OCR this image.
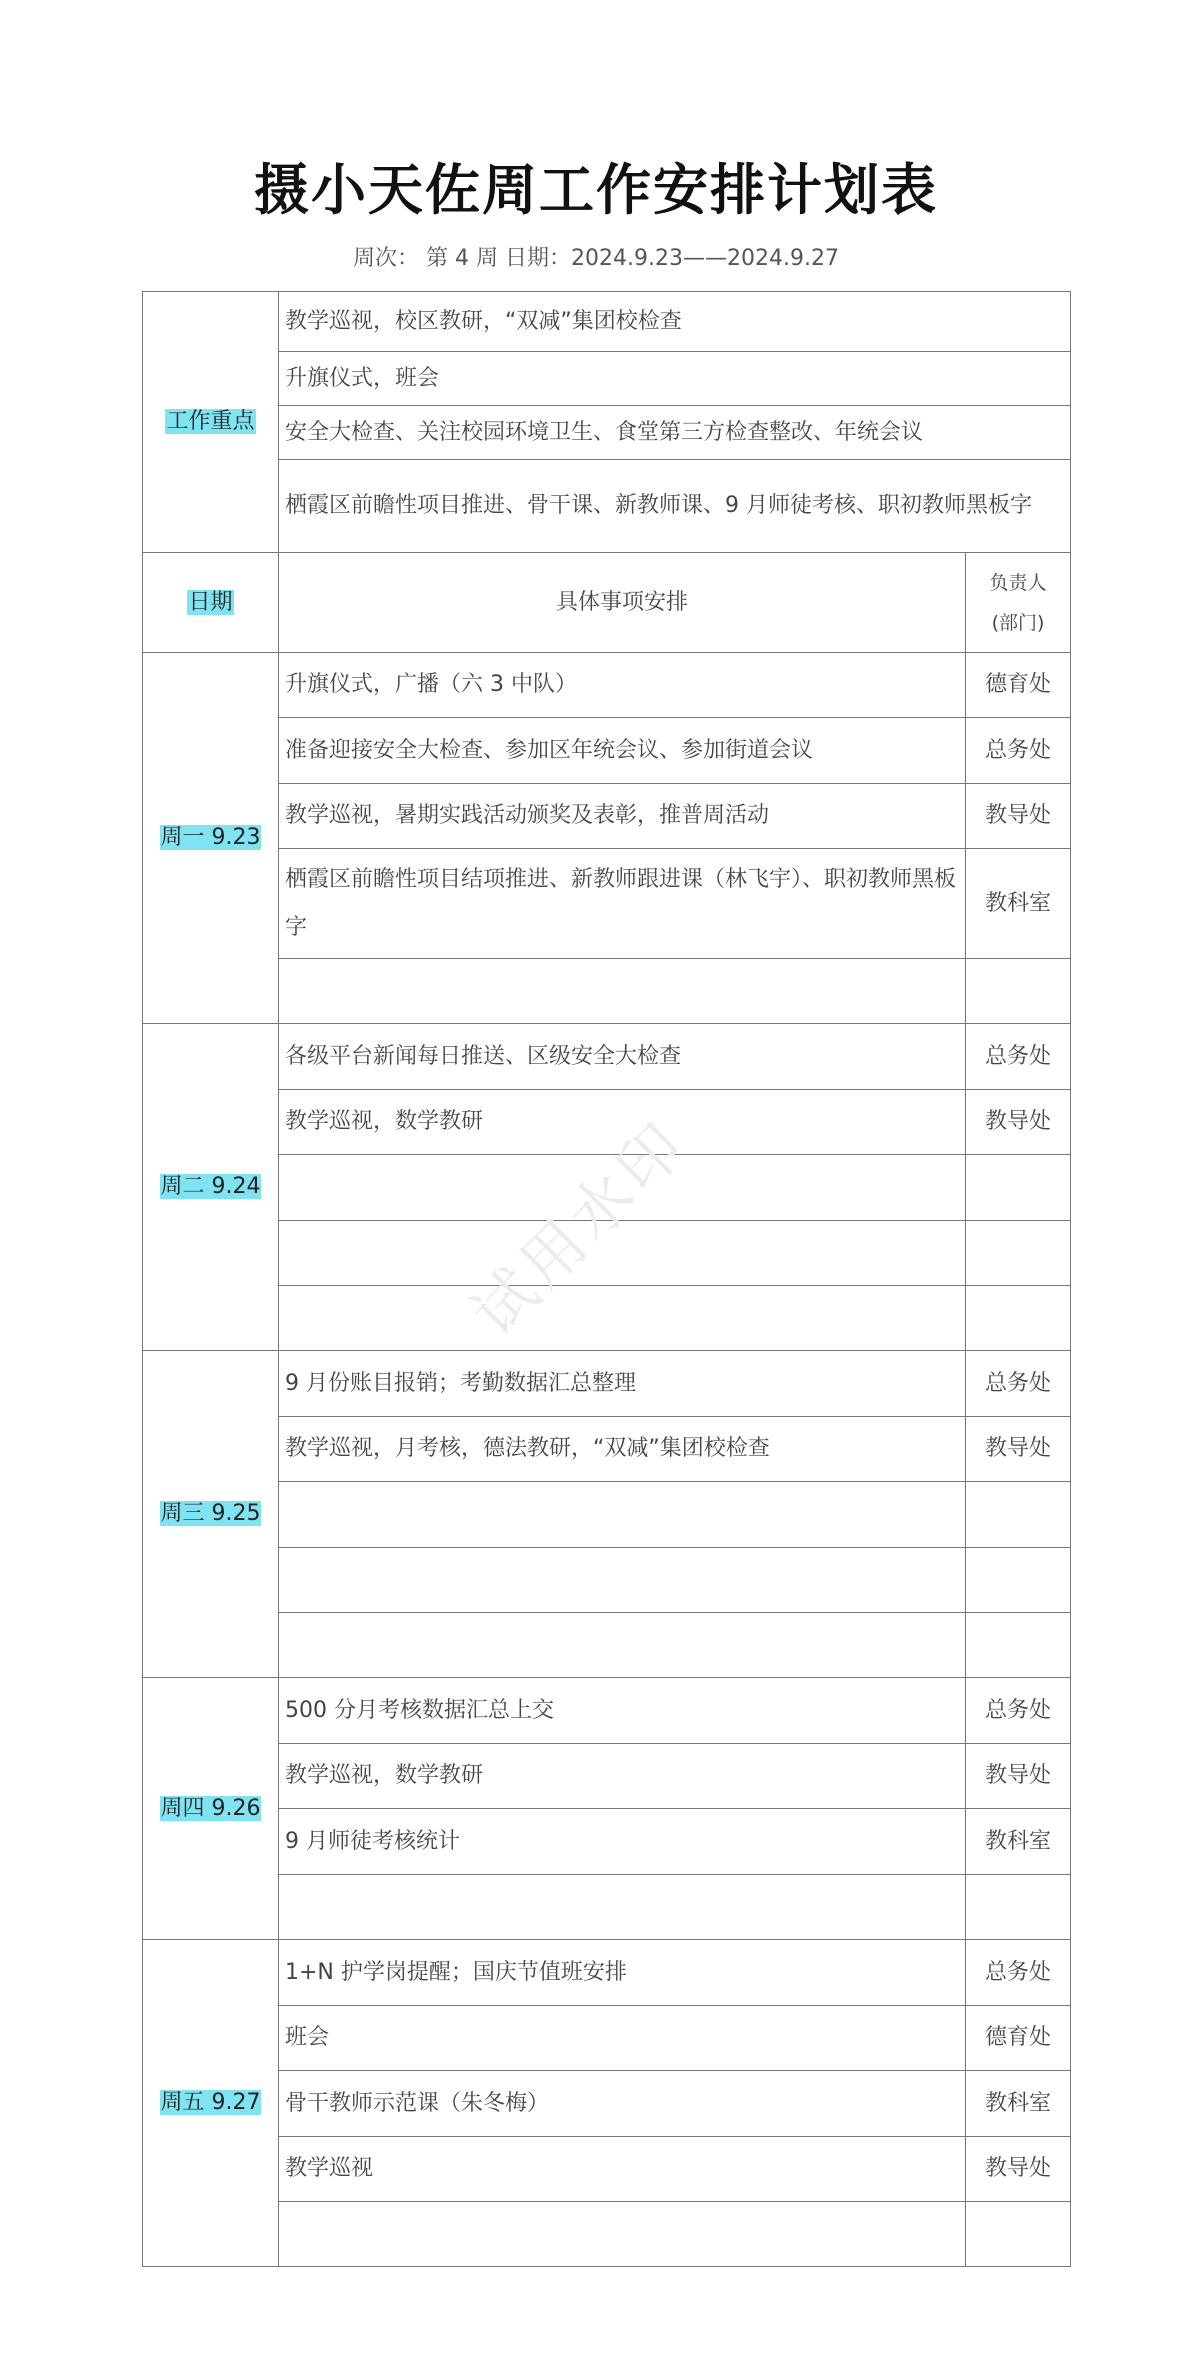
摄小天佐周工作安排计划表
周次： 第 4 周 日期：2024.9.23——2024.9.27
工作重点	教学巡视，校区教研，“双减”集团校检查	
	升旗仪式，班会	
	安全大检查、关注校园环境卫生、食堂第三方检查整改、年统会议	
	栖霞区前瞻性项目推进、骨干课、新教师课、9 月师徒考核、职初教师黑板字	
日期	具体事项安排	负责人
(部门)

周一 9.23	升旗仪式，广播（六 3 中队）	德育处
	准备迎接安全大检查、参加区年统会议、参加街道会议	总务处
	教学巡视，暑期实践活动颁奖及表彰，推普周活动	教导处
	栖霞区前瞻性项目结项推进、新教师跟进课（林飞宇）、职初教师黑板字	教科室

周二 9.24	各级平台新闻每日推送、区级安全大检查	总务处
	教学巡视，数学教研	教导处

周三 9.25	9 月份账目报销；考勤数据汇总整理	总务处
	教学巡视，月考核，德法教研，“双减”集团校检查	教导处

周四 9.26	500 分月考核数据汇总上交	总务处
	教学巡视，数学教研	教导处
	9 月师徒考核统计	教科室

周五 9.27	1+N 护学岗提醒；国庆节值班安排	总务处
	班会	德育处
	骨干教师示范课（朱冬梅）	教科室
	教学巡视	教导处

试用水印
